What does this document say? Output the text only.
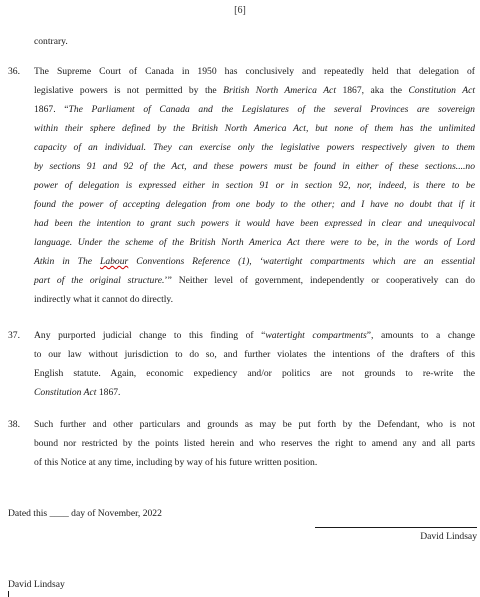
[6]
contrary.
36.	The Supreme Court of Canada in 1950 has conclusively and repeatedly held that delegation of
legislative powers is not permitted by the British North America Act 1867, aka the Constitution Act
1867. “The Parliament of Canada and the Legislatures of the several Provinces are sovereign
within their sphere defined by the British North America Act, but none of them has the unlimited
capacity of an individual. They can exercise only the legislative powers respectively given to them
by sections 91 and 92 of the Act, and these powers must be found in either of these sections....no
power of delegation is expressed either in section 91 or in section 92, nor, indeed, is there to be
found the power of accepting delegation from one body to the other; and I have no doubt that if it
had been the intention to grant such powers it would have been expressed in clear and unequivocal
language. Under the scheme of the British North America Act there were to be, in the words of Lord
Atkin in The Labour Conventions Reference (1), ‘watertight compartments which are an essential
part of the original structure.’” Neither level of government, independently or cooperatively can do
indirectly what it cannot do directly.
37.	Any purported judicial change to this finding of “watertight compartments”, amounts to a change
to our law without jurisdiction to do so, and further violates the intentions of the drafters of this
English statute. Again, economic expediency and/or politics are not grounds to re-write the
Constitution Act 1867.
38.	Such further and other particulars and grounds as may be put forth by the Defendant, who is not
bound nor restricted by the points listed herein and who reserves the right to amend any and all parts
of this Notice at any time, including by way of his future written position.
Dated this ____ day of November, 2022
David Lindsay
David Lindsay
